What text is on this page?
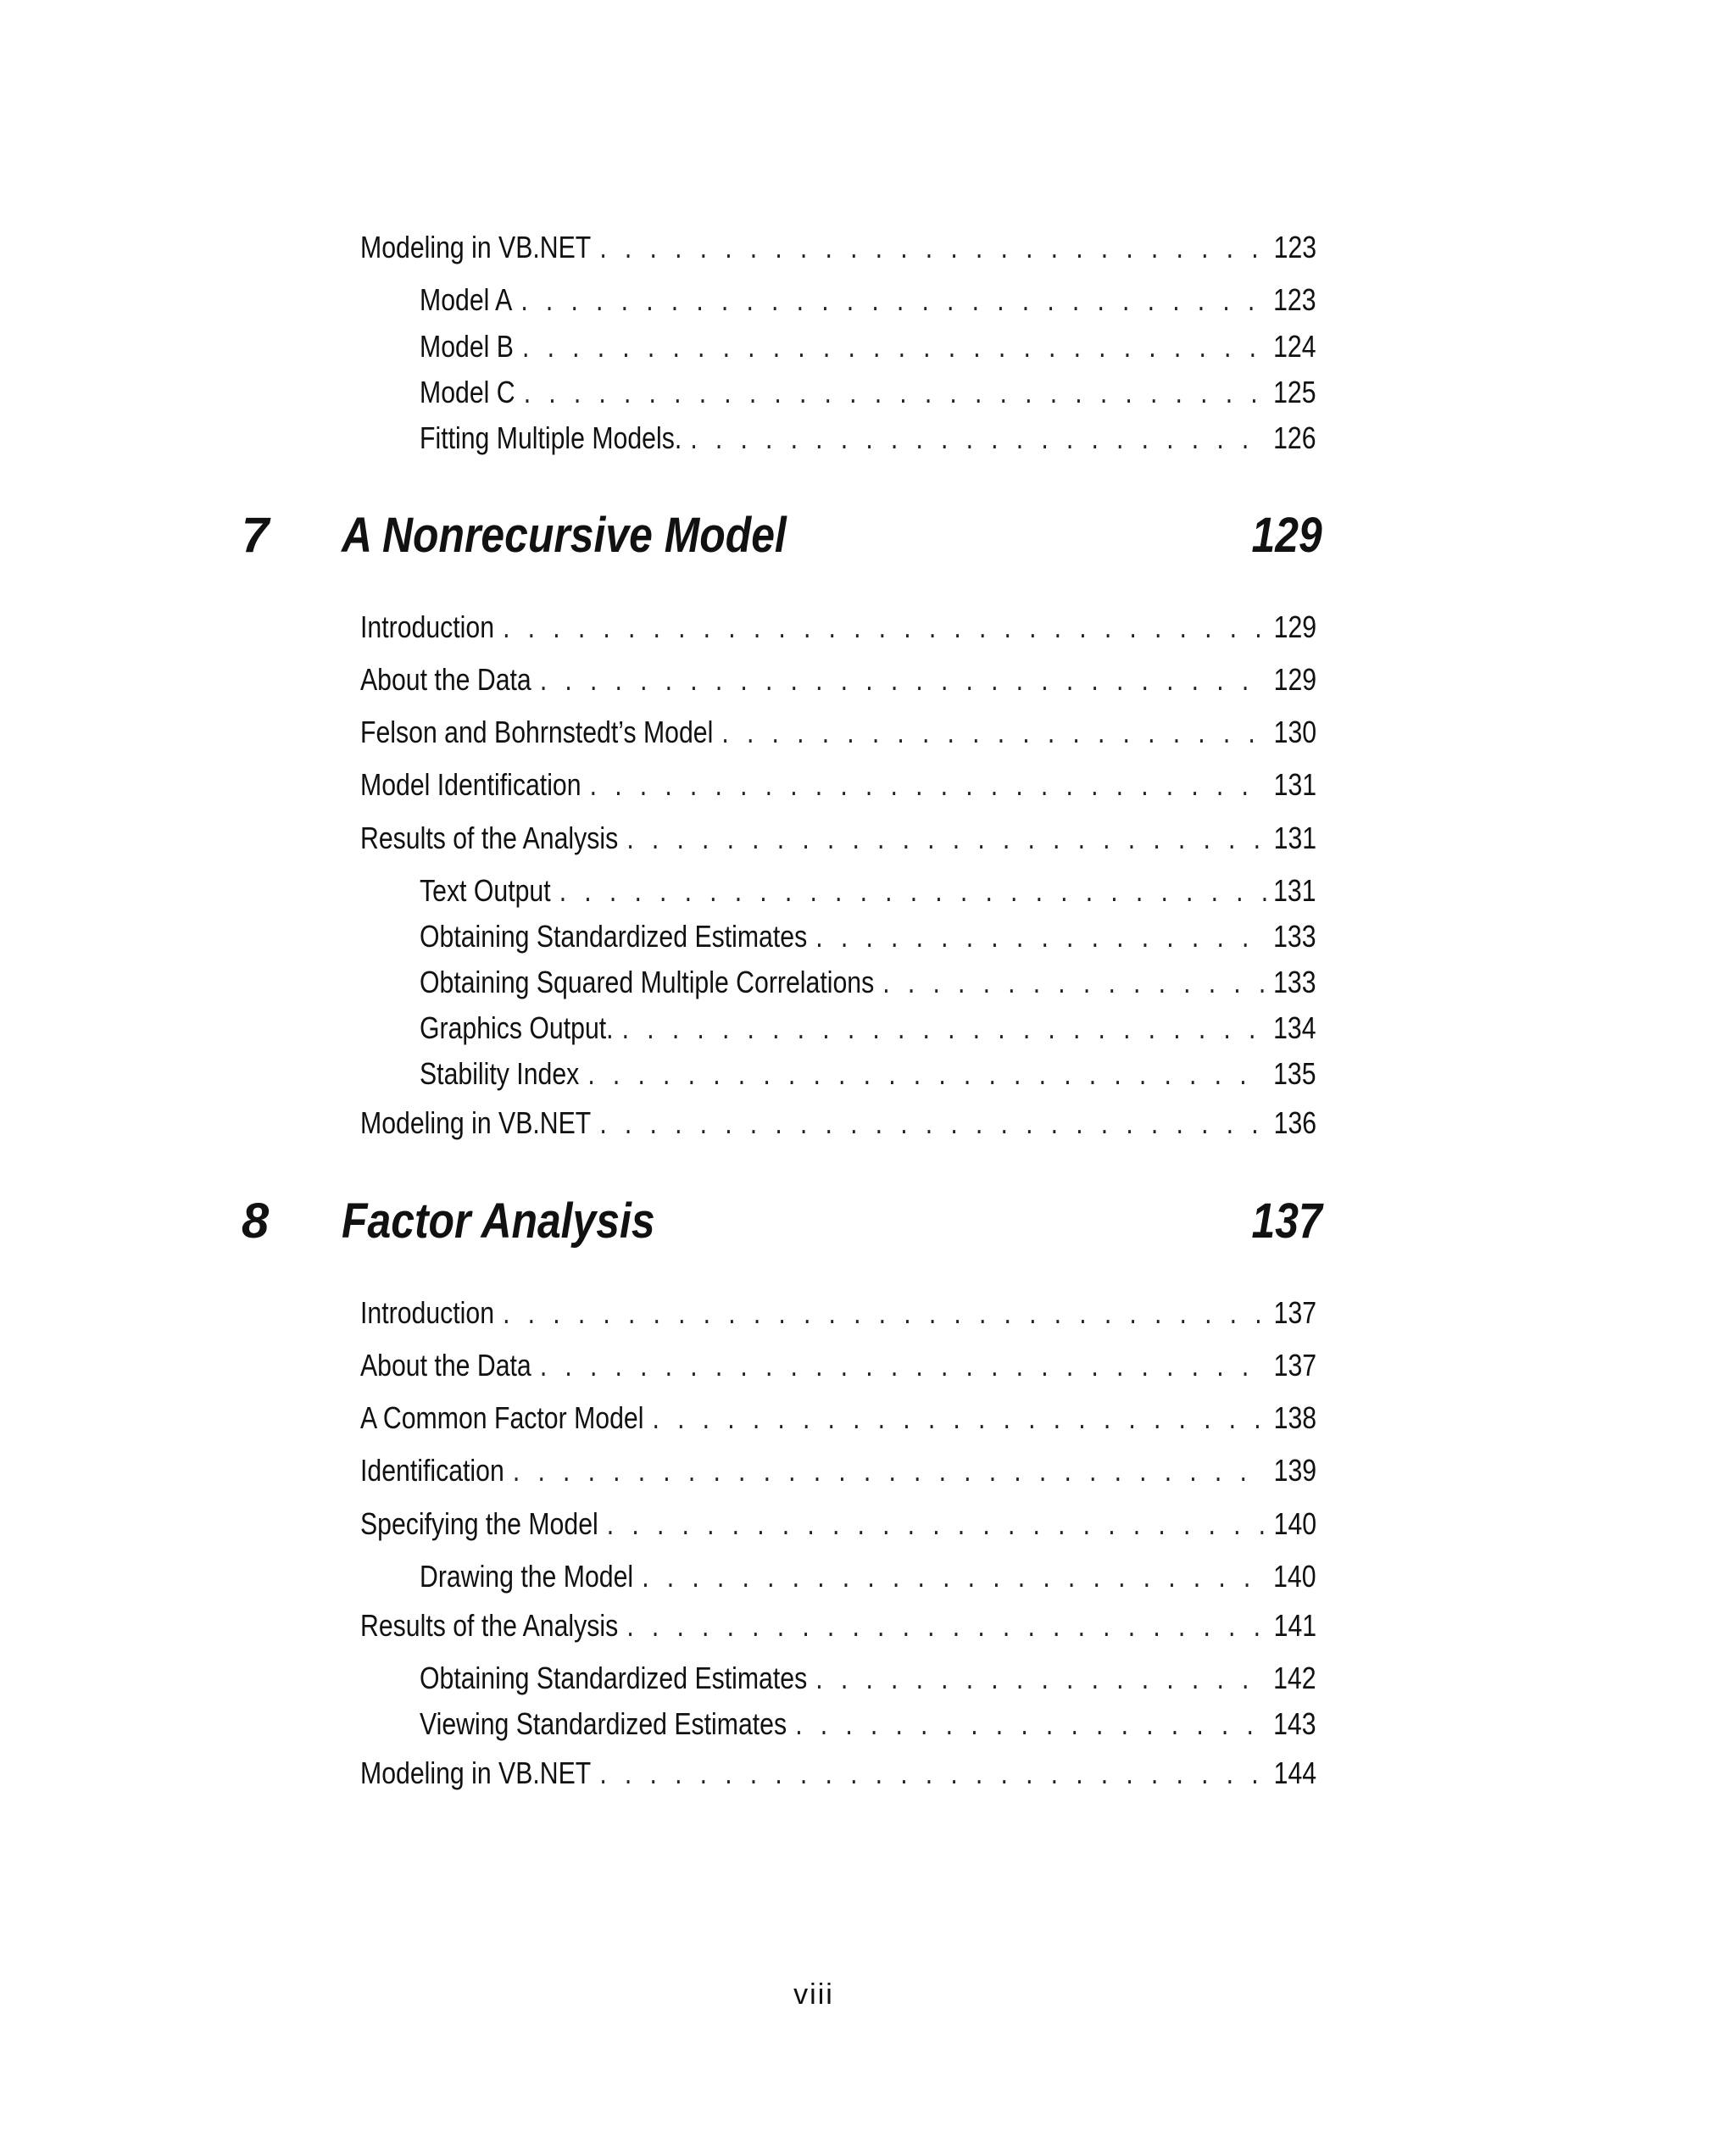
Modeling in VB.NET . . .	123
Model A . . .	123
Model B . . .	124
Model C . . .	125
Fitting Multiple Models. . . .	126
7 A Nonrecursive Model	129
Introduction . . .	129
About the Data . . .	129
Felson and Bohrnstedt’s Model . . .	130
Model Identification . . .	131
Results of the Analysis . . .	131
Text Output . . .	131
Obtaining Standardized Estimates . . .	133
Obtaining Squared Multiple Correlations . . .	133
Graphics Output. . . .	134
Stability Index . . .	135
Modeling in VB.NET . . .	136
8 Factor Analysis	137
Introduction . . .	137
About the Data . . .	137
A Common Factor Model . . .	138
Identification . . .	139
Specifying the Model . . .	140
Drawing the Model . . .	140
Results of the Analysis . . .	141
Obtaining Standardized Estimates . . .	142
Viewing Standardized Estimates . . .	143
Modeling in VB.NET . . .	144
viii
